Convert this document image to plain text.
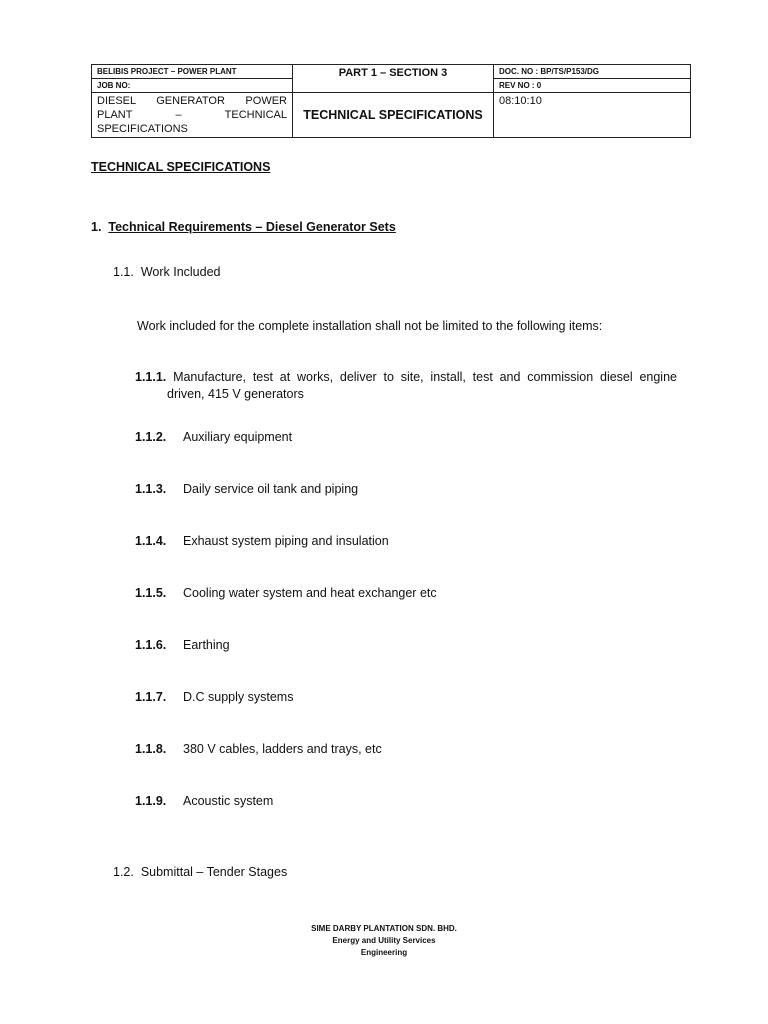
BELIBIS PROJECT – POWER PLANT	PART 1 – SECTION 3	DOC. NO : BP/TS/P153/DG
JOB NO:		REV NO : 0
DIESEL GENERATOR POWER PLANT – TECHNICAL SPECIFICATIONS	TECHNICAL SPECIFICATIONS	08:10:10
TECHNICAL SPECIFICATIONS
1. Technical Requirements – Diesel Generator Sets
1.1. Work Included
Work included for the complete installation shall not be limited to the following items:
1.1.1. Manufacture, test at works, deliver to site, install, test and commission diesel engine
driven, 415 V generators
1.1.2. Auxiliary equipment
1.1.3. Daily service oil tank and piping
1.1.4. Exhaust system piping and insulation
1.1.5. Cooling water system and heat exchanger etc
1.1.6. Earthing
1.1.7. D.C supply systems
1.1.8. 380 V cables, ladders and trays, etc
1.1.9. Acoustic system
1.2. Submittal – Tender Stages
SIME DARBY PLANTATION SDN. BHD.
Energy and Utility Services
Engineering
